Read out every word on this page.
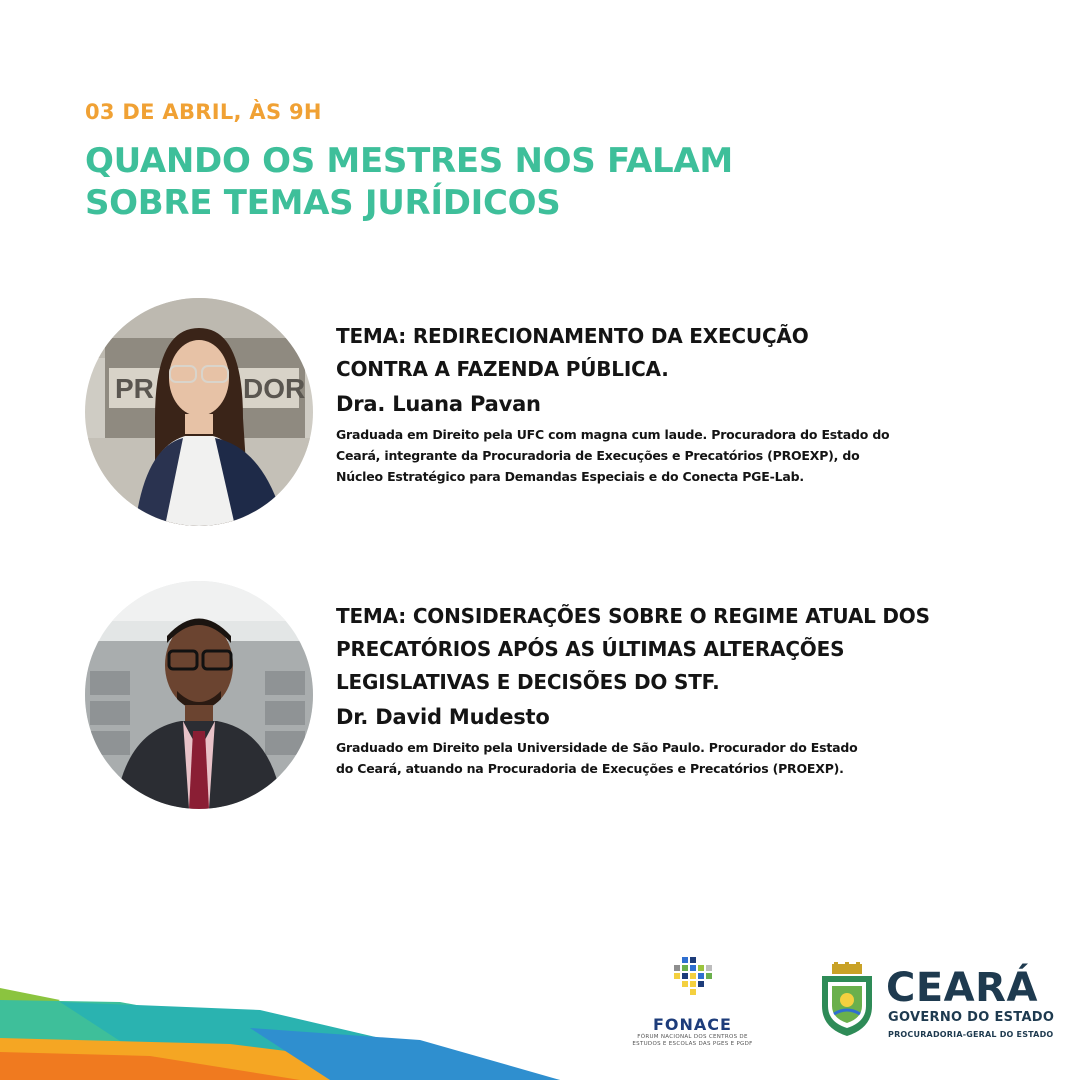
03 DE ABRIL, ÀS 9H
QUANDO OS MESTRES NOS FALAM
SOBRE TEMAS JURÍDICOS
PR	DOR
TEMA: REDIRECIONAMENTO DA EXECUÇÃO
CONTRA A FAZENDA PÚBLICA.
Dra. Luana Pavan
Graduada em Direito pela UFC com magna cum laude. Procuradora do Estado do
Ceará, integrante da Procuradoria de Execuções e Precatórios (PROEXP), do
Núcleo Estratégico para Demandas Especiais e do Conecta PGE-Lab.
TEMA: CONSIDERAÇÕES SOBRE O REGIME ATUAL DOS
PRECATÓRIOS APÓS AS ÚLTIMAS ALTERAÇÕES
LEGISLATIVAS E DECISÕES DO STF.
Dr. David Mudesto
Graduado em Direito pela Universidade de São Paulo. Procurador do Estado
do Ceará, atuando na Procuradoria de Execuções e Precatórios (PROEXP).
FONACE
FÓRUM NACIONAL DOS CENTROS DE
ESTUDOS E ESCOLAS DAS PGES E PGDF
CEARÁ
GOVERNO DO ESTADO
PROCURADORIA-GERAL DO ESTADO
